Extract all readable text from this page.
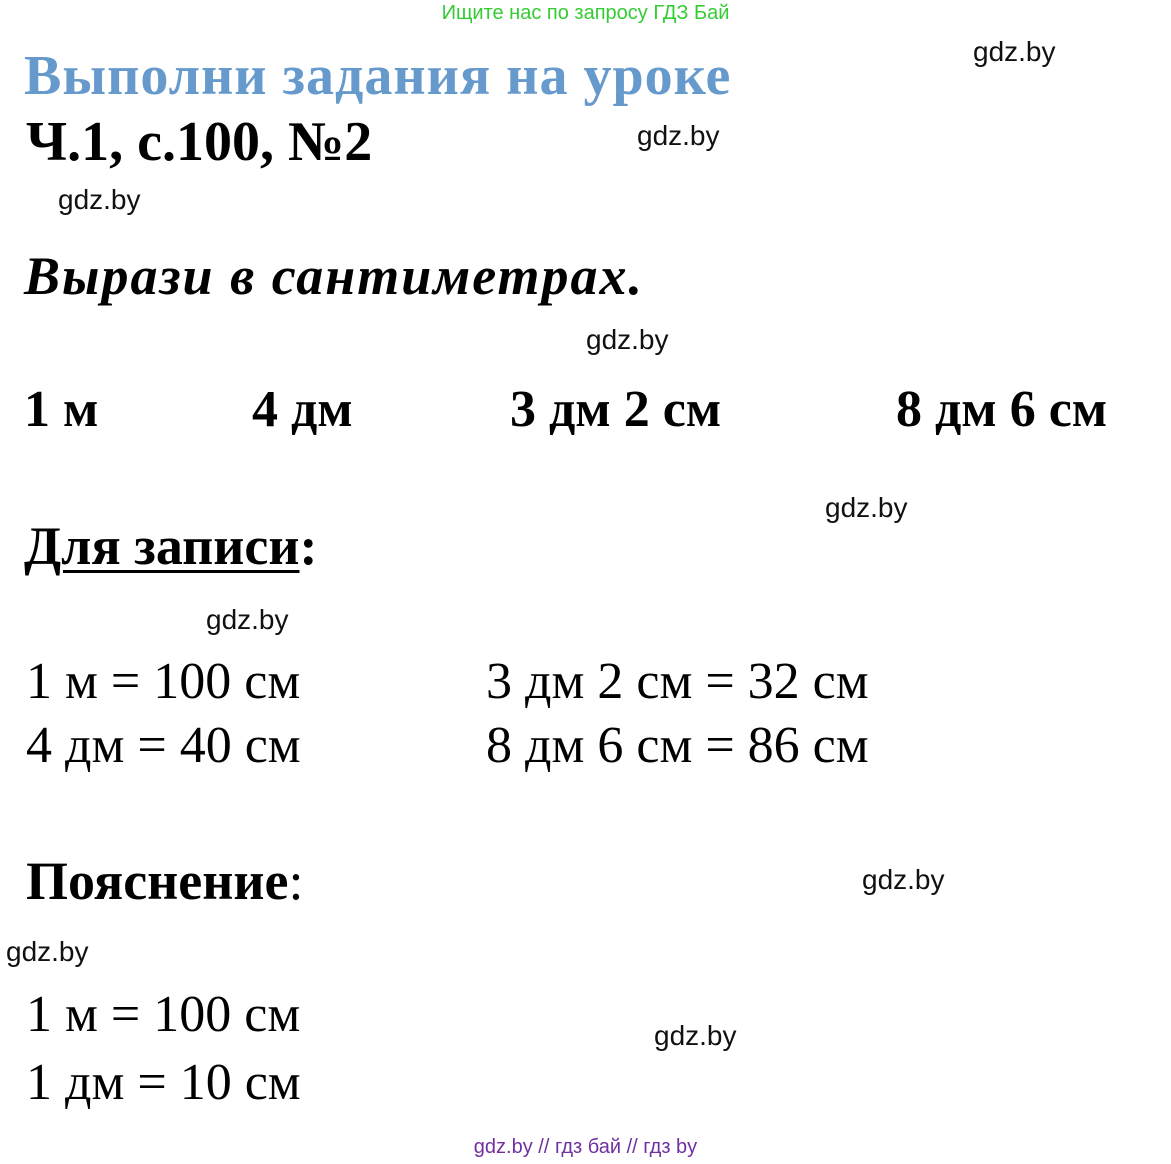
Ищите нас по запросу ГДЗ Бай
Выполни задания на уроке
Ч.1, с.100, №2
Вырази в сантиметрах.
1 м	4 дм	3 дм 2 см	8 дм 6 см
Для записи:
1 м = 100 см
4 дм = 40 см
3 дм 2 см = 32 см
8 дм 6 см = 86 см
Пояснение:
1 м = 100 см
1 дм = 10 см
gdz.by
gdz.by
gdz.by
gdz.by
gdz.by
gdz.by
gdz.by
gdz.by
gdz.by
gdz.by // гдз бай // гдз by
